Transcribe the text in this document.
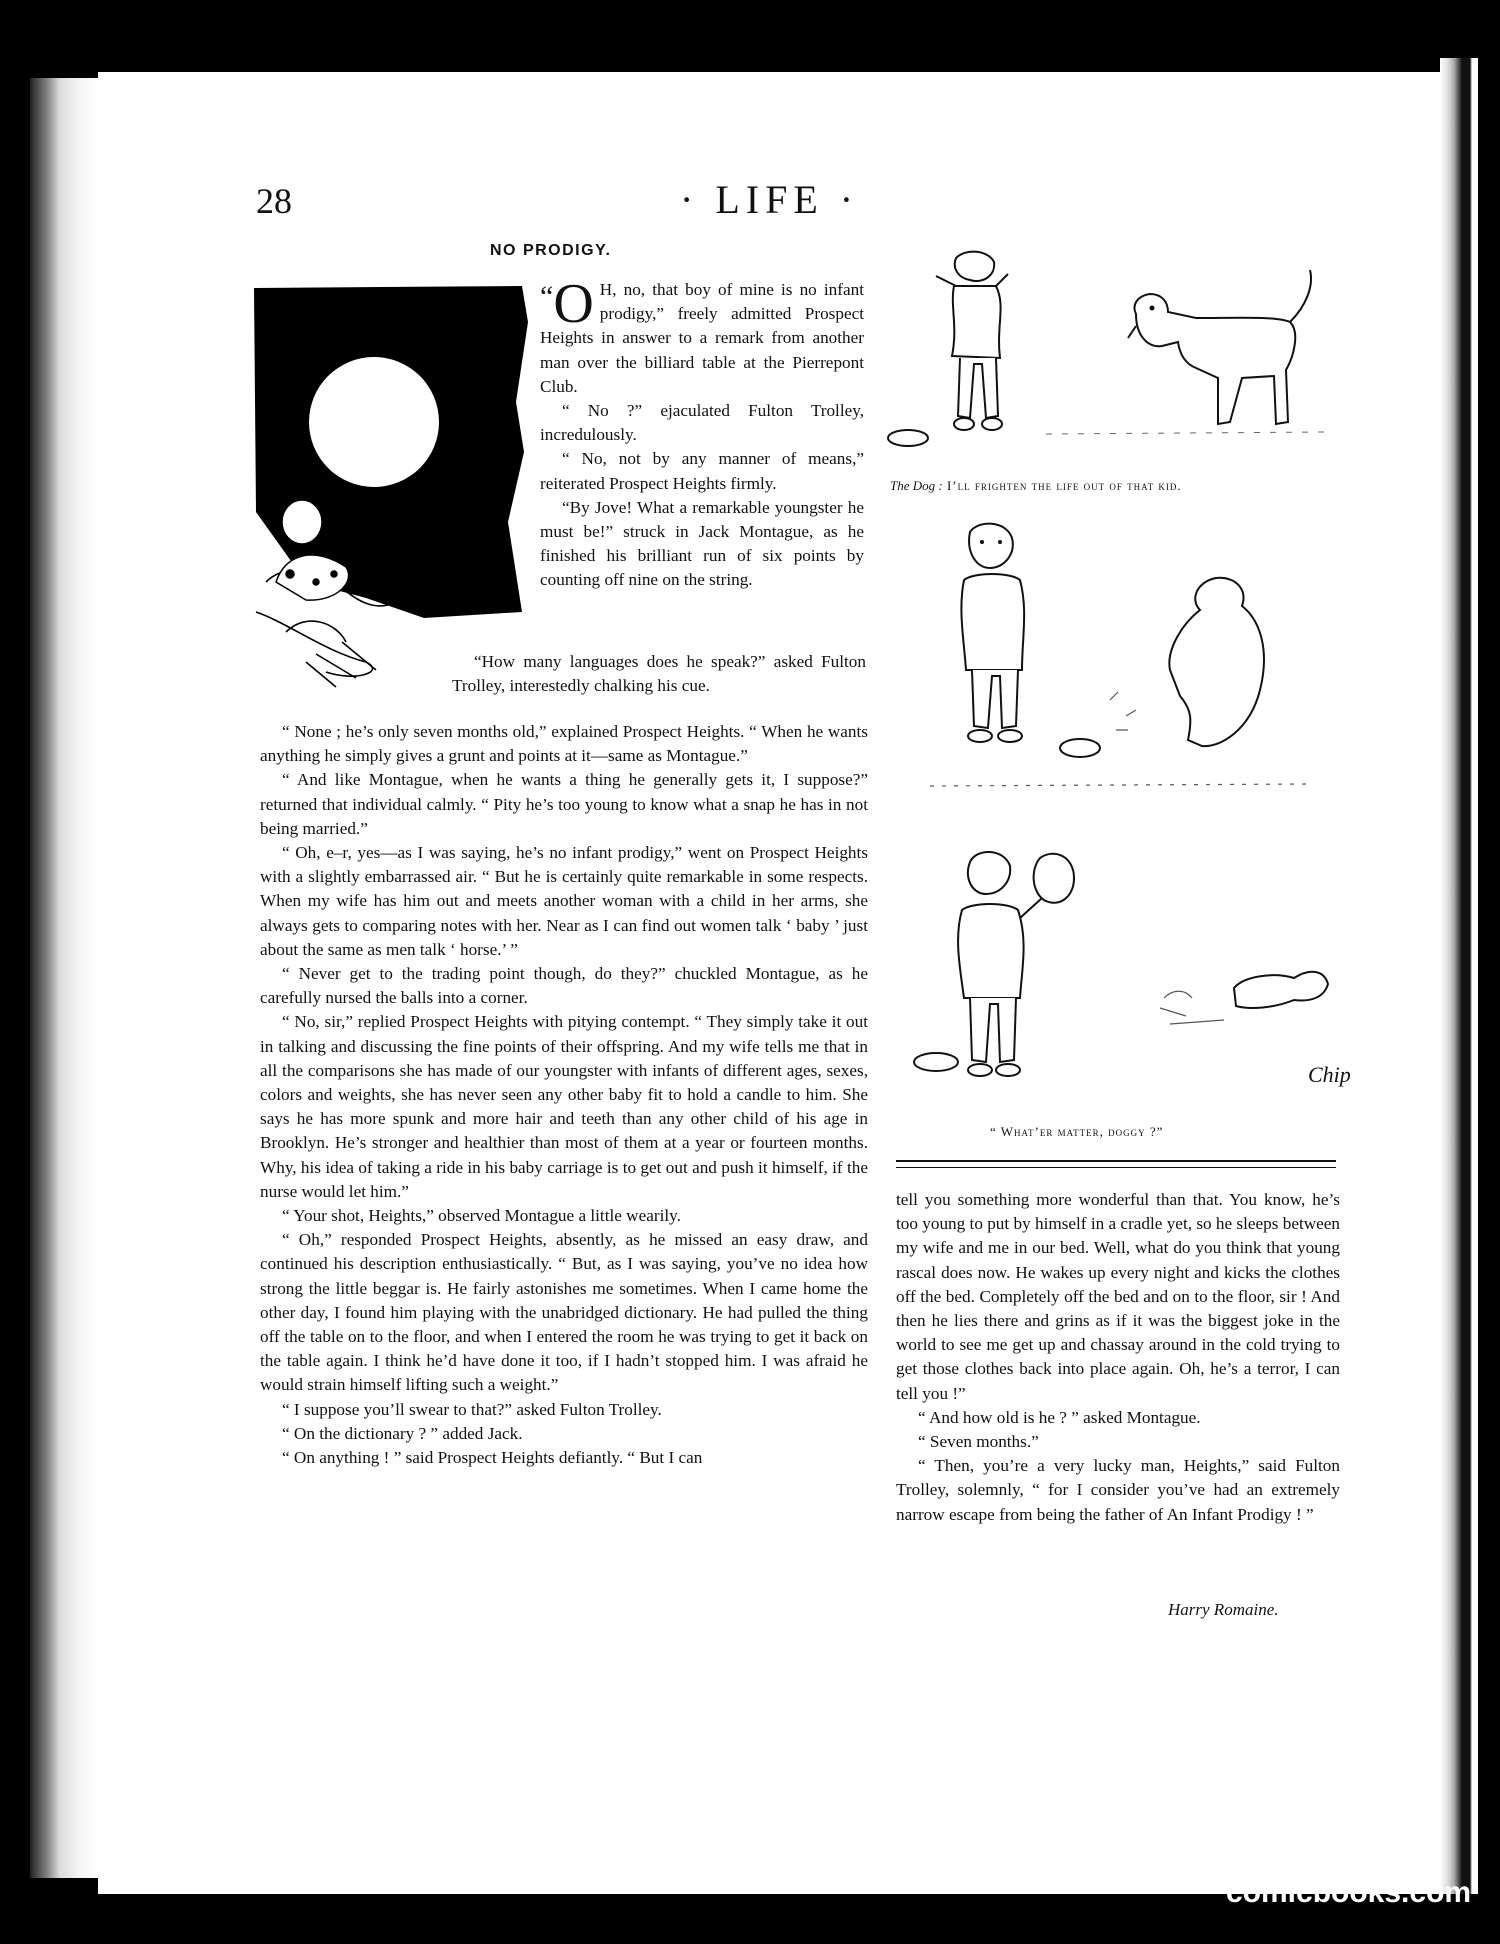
28	· LIFE ·
NO PRODIGY.
“O H, no, that boy of mine is no infant prodigy,” freely admitted Prospect Heights in answer to a remark from another man over the billiard table at the Pierrepont Club.

“ No ?” ejaculated Fulton Trolley, incredulously.

“ No, not by any manner of means,” reiterated Prospect Heights firmly.

“By Jove! What a remarkable youngster he must be!” struck in Jack Montague, as he finished his brilliant run of six points by counting off nine on the string.

“How many languages does he speak?” asked Fulton Trolley, interestedly chalking his cue.

“ None ; he’s only seven months old,” explained Prospect Heights. “ When he wants anything he simply gives a grunt and points at it—same as Montague.”

“ And like Montague, when he wants a thing he generally gets it, I suppose?” returned that individual calmly. “ Pity he’s too young to know what a snap he has in not being married.”

“ Oh, e–r, yes—as I was saying, he’s no infant prodigy,” went on Prospect Heights with a slightly embarrassed air. “ But he is certainly quite remarkable in some respects. When my wife has him out and meets another woman with a child in her arms, she always gets to comparing notes with her. Near as I can find out women talk ‘ baby ’ just about the same as men talk ‘ horse.’ ”

“ Never get to the trading point though, do they?” chuckled Montague, as he carefully nursed the balls into a corner.

“ No, sir,” replied Prospect Heights with pitying contempt. “ They simply take it out in talking and discussing the fine points of their offspring. And my wife tells me that in all the comparisons she has made of our youngster with infants of different ages, sexes, colors and weights, she has never seen any other baby fit to hold a candle to him. She says he has more spunk and more hair and teeth than any other child of his age in Brooklyn. He’s stronger and healthier than most of them at a year or fourteen months. Why, his idea of taking a ride in his baby carriage is to get out and push it himself, if the nurse would let him.”

“ Your shot, Heights,” observed Montague a little wearily.

“ Oh,” responded Prospect Heights, absently, as he missed an easy draw, and continued his description enthusiastically. “ But, as I was saying, you’ve no idea how strong the little beggar is. He fairly astonishes me sometimes. When I came home the other day, I found him playing with the unabridged dictionary. He had pulled the thing off the table on to the floor, and when I entered the room he was trying to get it back on the table again. I think he’d have done it too, if I hadn’t stopped him. I was afraid he would strain himself lifting such a weight.”

“ I suppose you’ll swear to that?” asked Fulton Trolley.

“ On the dictionary ? ” added Jack.

“ On anything ! ” said Prospect Heights defiantly. “ But I can

The Dog : I’ll frighten the life out of that kid.
Chip
“ What’er matter, doggy ?”

tell you something more wonderful than that. You know, he’s too young to put by himself in a cradle yet, so he sleeps between my wife and me in our bed. Well, what do you think that young rascal does now. He wakes up every night and kicks the clothes off the bed. Completely off the bed and on to the floor, sir ! And then he lies there and grins as if it was the biggest joke in the world to see me get up and chassay around in the cold trying to get those clothes back into place again. Oh, he’s a terror, I can tell you !”

“ And how old is he ? ” asked Montague.

“ Seven months.”

“ Then, you’re a very lucky man, Heights,” said Fulton Trolley, solemnly, “ for I consider you’ve had an extremely narrow escape from being the father of An Infant Prodigy ! ”

Harry Romaine.
comicbooks.com
